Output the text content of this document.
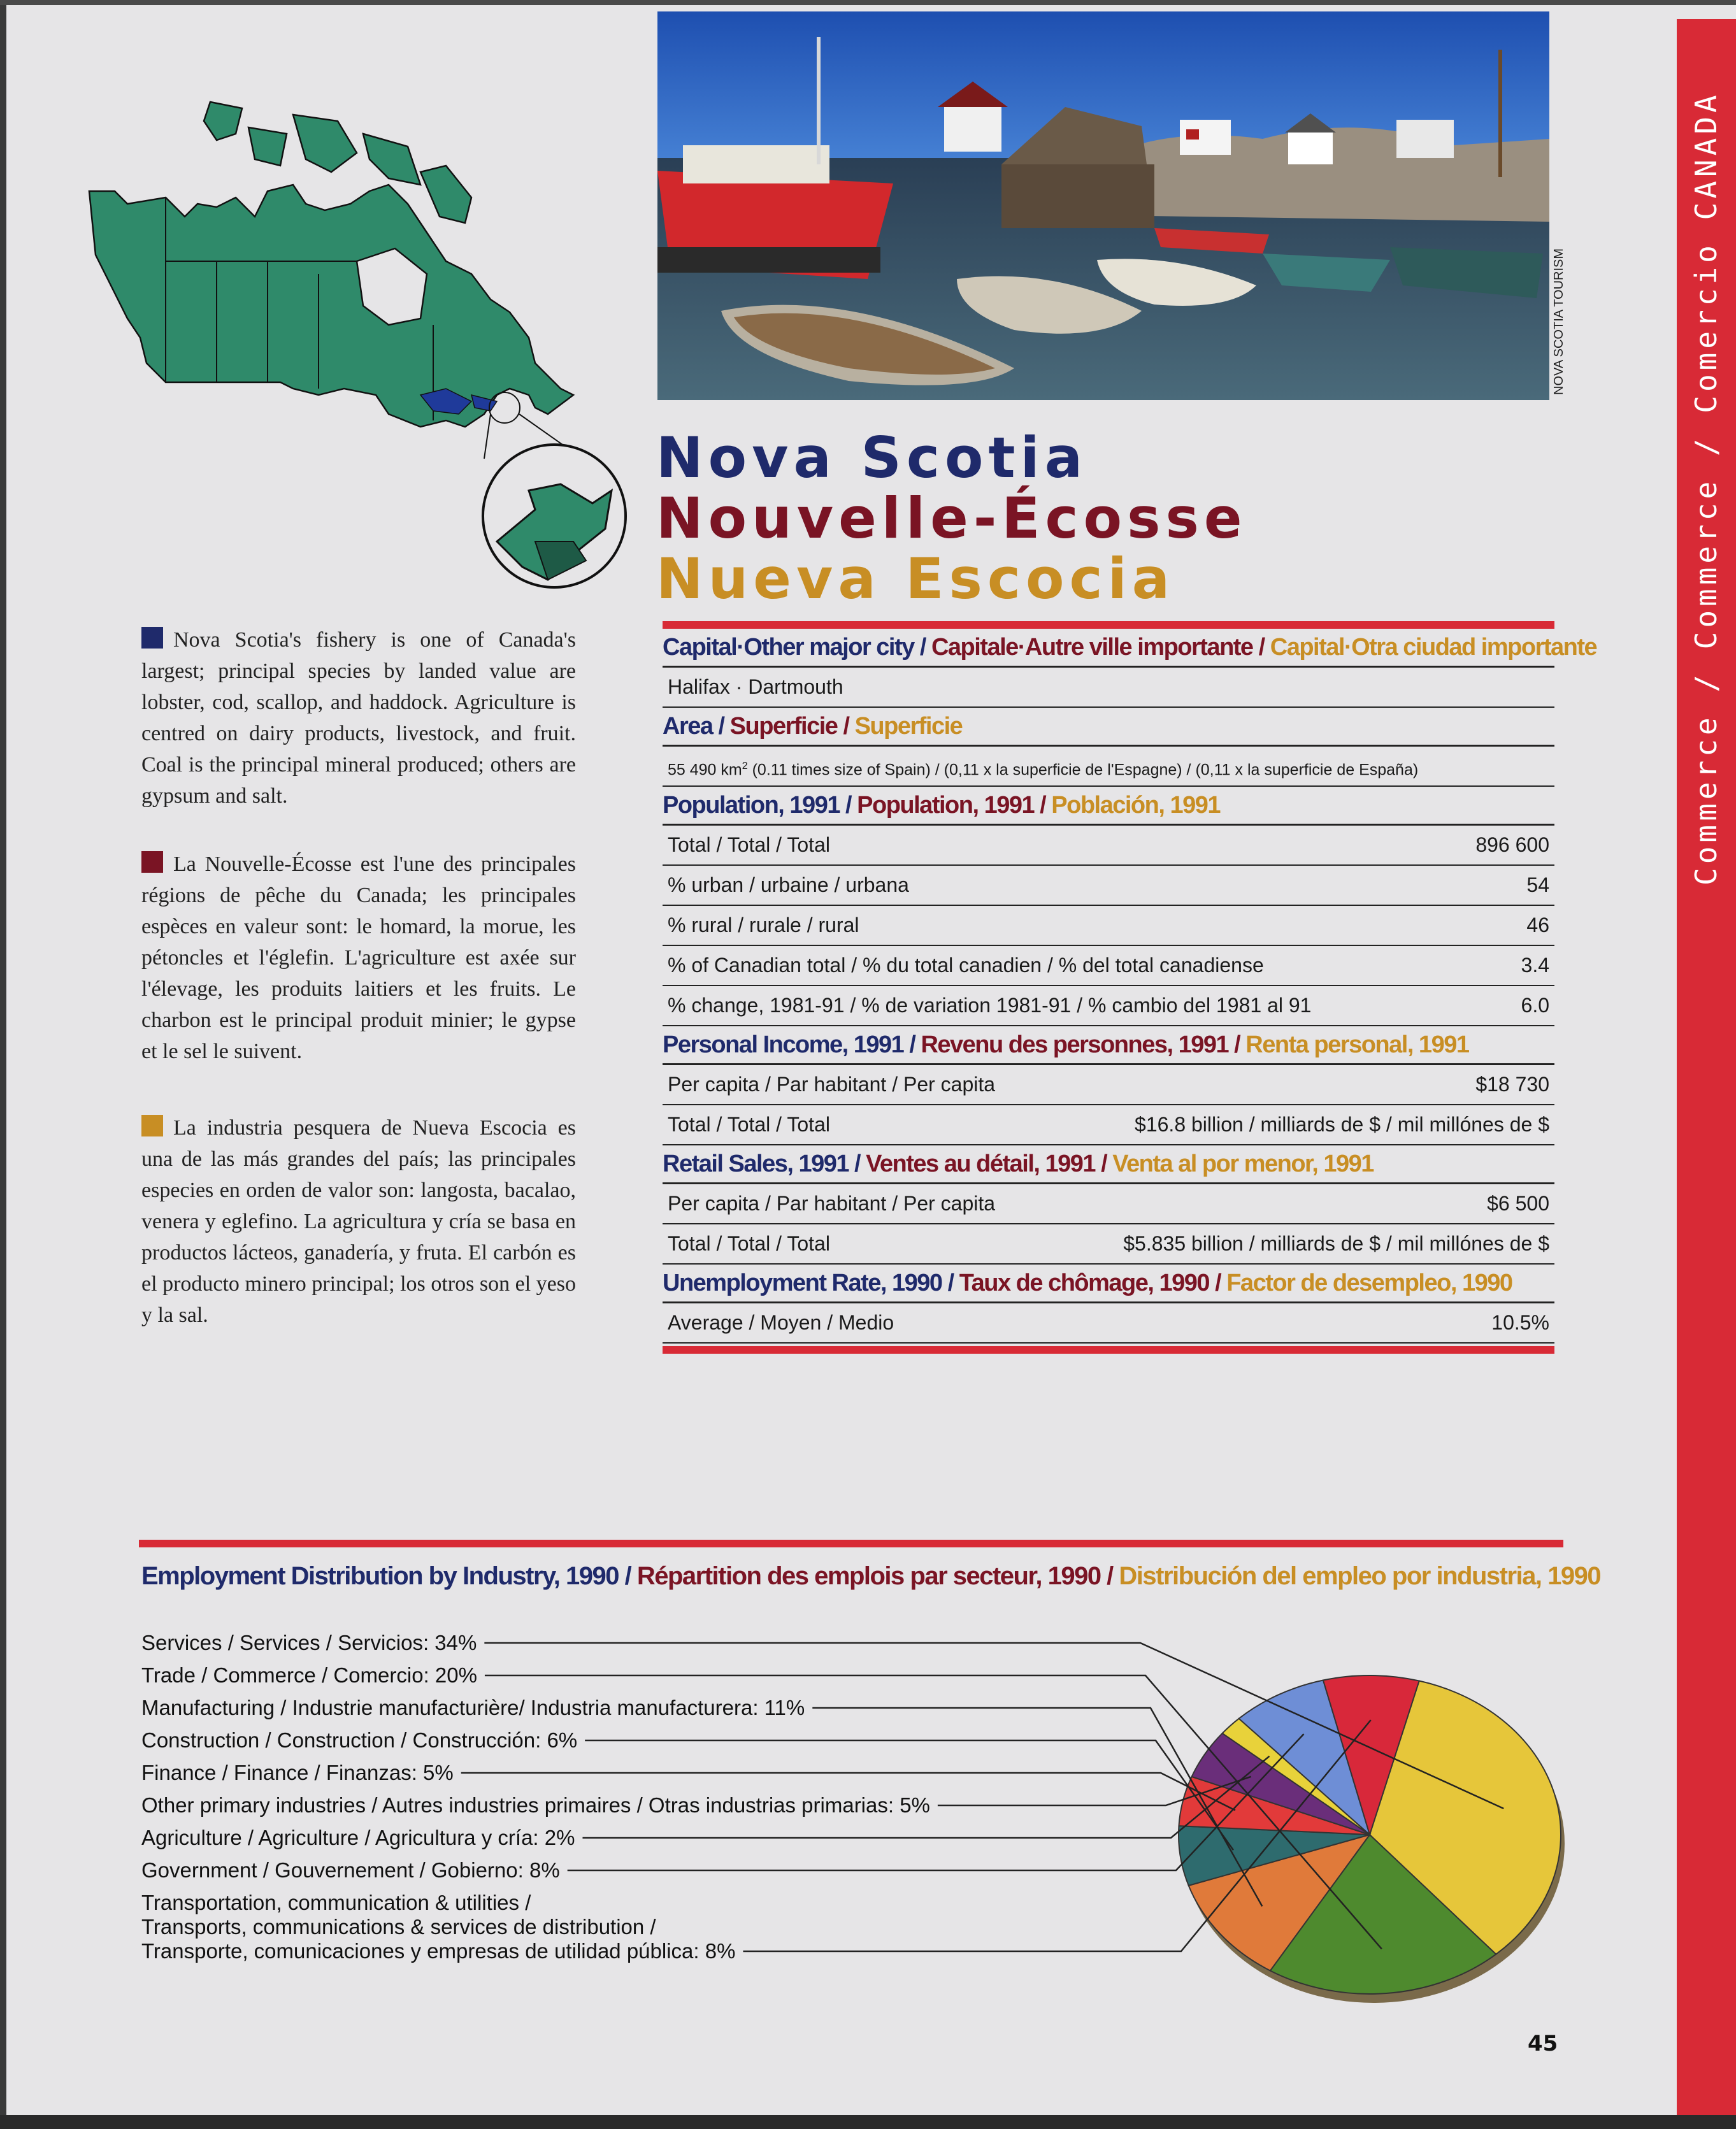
Commerce / Commerce / Comercio CANADA
NOVA SCOTIA TOURISM
Nova Scotia
Nouvelle-Écosse
Nueva Escocia
Nova Scotia's fishery is one of Canada's largest; principal species by landed value are lobster, cod, scallop, and haddock. Agriculture is centred on dairy products, livestock, and fruit. Coal is the principal mineral produced; others are gypsum and salt.
La Nouvelle-Écosse est l'une des principales régions de pêche du Canada; les principales espèces en valeur sont: le homard, la morue, les pétoncles et l'églefin. L'agriculture est axée sur l'élevage, les produits laitiers et les fruits. Le charbon est le principal produit minier; le gypse et le sel le suivent.
La industria pesquera de Nueva Escocia es una de las más grandes del país; las principales especies en orden de valor son: langosta, bacalao, venera y eglefino. La agricultura y cría se basa en productos lácteos, ganadería, y fruta. El carbón es el producto minero principal; los otros son el yeso y la sal.
Capital·Other major city / Capitale·Autre ville importante / Capital·Otra ciudad importante
Halifax · Dartmouth
Area / Superficie / Superficie
55 490 $km^2$ (0.11 times size of Spain) / (0,11 x la superficie de l'Espagne) / (0,11 x la superficie de España)
Population, 1991 / Population, 1991 / Población, 1991
Total / Total / Total	896 600
% urban / urbaine / urbana	54
% rural / rurale / rural	46
% of Canadian total / % du total canadien / % del total canadiense	3.4
% change, 1981-91 / % de variation 1981-91 / % cambio del 1981 al 91	6.0
Personal Income, 1991 / Revenu des personnes, 1991 / Renta personal, 1991
Per capita / Par habitant / Per capita	$18 730
Total / Total / Total	$16.8 billion / milliards de $ / mil millónes de $
Retail Sales, 1991 / Ventes au détail, 1991 / Venta al por menor, 1991
Per capita / Par habitant / Per capita	$6 500
Total / Total / Total	$5.835 billion / milliards de $ / mil millónes de $
Unemployment Rate, 1990 / Taux de chômage, 1990 / Factor de desempleo, 1990
Average / Moyen / Medio	10.5%
Employment Distribution by Industry, 1990 / Répartition des emplois par secteur, 1990 / Distribución del empleo por industria, 1990
Services / Services / Servicios: 34%
Trade / Commerce / Comercio: 20%
Manufacturing / Industrie manufacturière/ Industria manufacturera: 11%
Construction / Construction / Construcción: 6%
Finance / Finance / Finanzas: 5%
Other primary industries / Autres industries primaires / Otras industrias primarias: 5%
Agriculture / Agriculture / Agricultura y cría: 2%
Government / Gouvernement / Gobierno: 8%
Transportation, communication & utilities /
Transports, communications & services de distribution /
Transporte, comunicaciones y empresas de utilidad pública: 8%
45
